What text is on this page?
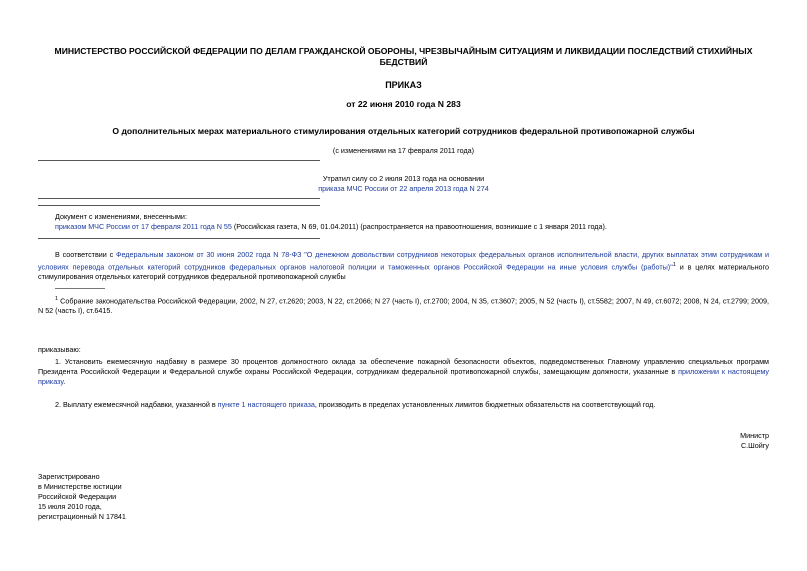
МИНИСТЕРСТВО РОССИЙСКОЙ ФЕДЕРАЦИИ ПО ДЕЛАМ ГРАЖДАНСКОЙ ОБОРОНЫ, ЧРЕЗВЫЧАЙНЫМ СИТУАЦИЯМ И ЛИКВИДАЦИИ ПОСЛЕДСТВИЙ СТИХИЙНЫХ БЕДСТВИЙ
ПРИКАЗ
от 22 июня 2010 года N 283
О дополнительных мерах материального стимулирования отдельных категорий сотрудников федеральной противопожарной службы
(с изменениями на 17 февраля 2011 года)
Утратил силу со 2 июля 2013 года на основании
приказа МЧС России от 22 апреля 2013 года N 274
Документ с изменениями, внесенными:
приказом МЧС России от 17 февраля 2011 года N 55 (Российская газета, N 69, 01.04.2011) (распространяется на правоотношения, возникшие с 1 января 2011 года).
В соответствии с Федеральным законом от 30 июня 2002 года N 78-ФЗ "О денежном довольствии сотрудников некоторых федеральных органов исполнительной власти, других выплатах этим сотрудникам и условиях перевода отдельных категорий сотрудников федеральных органов налоговой полиции и таможенных органов Российской Федерации на иные условия службы (работы)"$^1$ и в целях материального стимулирования отдельных категорий сотрудников федеральной противопожарной службы
$^1$ Собрание законодательства Российской Федерации, 2002, N 27, ст.2620; 2003, N 22, ст.2066; N 27 (часть I), ст.2700; 2004, N 35, ст.3607; 2005, N 52 (часть I), ст.5582; 2007, N 49, ст.6072; 2008, N 24, ст.2799; 2009, N 52 (часть I), ст.6415.
приказываю:
1. Установить ежемесячную надбавку в размере 30 процентов должностного оклада за обеспечение пожарной безопасности объектов, подведомственных Главному управлению специальных программ Президента Российской Федерации и Федеральной службе охраны Российской Федерации, сотрудникам федеральной противопожарной службы, замещающим должности, указанные в приложении к настоящему приказу.
2. Выплату ежемесячной надбавки, указанной в пункте 1 настоящего приказа, производить в пределах установленных лимитов бюджетных обязательств на соответствующий год.
Министр
С.Шойгу
Зарегистрировано
в Министерстве юстиции
Российской Федерации
15 июля 2010 года,
регистрационный N 17841
